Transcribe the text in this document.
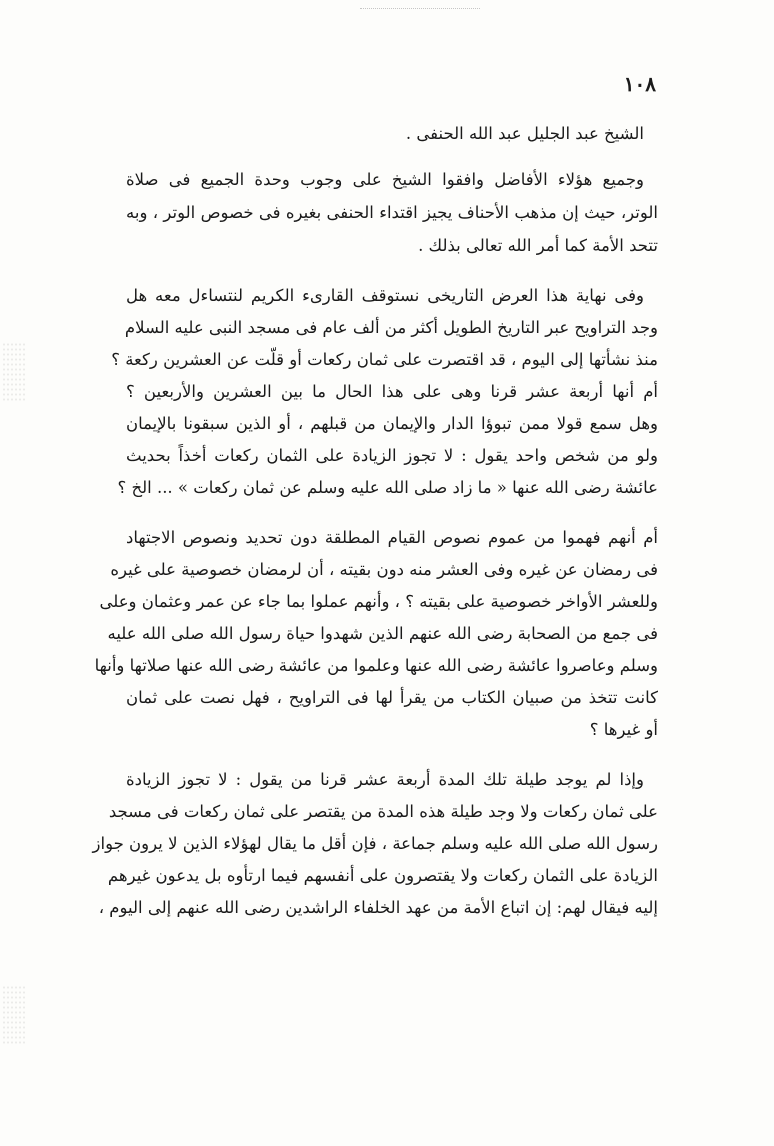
١٠٨
الشيخ عبد الجليل عبد الله الحنفى .
وجميع هؤلاء الأفاضل وافقوا الشيخ على وجوب وحدة الجميع فى صلاة
الوتر، حيث إن مذهب الأحناف يجيز اقتداء الحنفى بغيره فى خصوص الوتر ، وبه
تتحد الأمة كما أمر الله تعالى بذلك .
وفى نهاية هذا العرض التاريخى نستوقف القارىء الكريم لنتساءل معه هل
وجد التراويح عبر التاريخ الطويل أكثر من ألف عام فى مسجد النبى عليه السلام
منذ نشأتها إلى اليوم ، قد اقتصرت على ثمان ركعات أو قلّت عن العشرين ركعة ؟
أم أنها أربعة عشر قرنا وهى على هذا الحال ما بين العشرين والأربعين ؟
وهل سمع قولا ممن تبوؤا الدار والإيمان من قبلهم ، أو الذين سبقونا بالإيمان
ولو من شخص واحد يقول : لا تجوز الزيادة على الثمان ركعات أخذاً بحديث
عائشة رضى الله عنها « ما زاد صلى الله عليه وسلم عن ثمان ركعات » ... الخ ؟
أم أنهم فهموا من عموم نصوص القيام المطلقة دون تحديد ونصوص الاجتهاد
فى رمضان عن غيره وفى العشر منه دون بقيته ، أن لرمضان خصوصية على غيره
وللعشر الأواخر خصوصية على بقيته ؟ ، وأنهم عملوا بما جاء عن عمر وعثمان وعلى
فى جمع من الصحابة رضى الله عنهم الذين شهدوا حياة رسول الله صلى الله عليه
وسلم وعاصروا عائشة رضى الله عنها وعلموا من عائشة رضى الله عنها صلاتها وأنها
كانت تتخذ من صبيان الكتاب من يقرأ لها فى التراويح ، فهل نصت على ثمان
أو غيرها ؟
وإذا لم يوجد طيلة تلك المدة أربعة عشر قرنا من يقول : لا تجوز الزيادة
على ثمان ركعات ولا وجد طيلة هذه المدة من يقتصر على ثمان ركعات فى مسجد
رسول الله صلى الله عليه وسلم جماعة ، فإن أقل ما يقال لهؤلاء الذين لا يرون جواز
الزيادة على الثمان ركعات ولا يقتصرون على أنفسهم فيما ارتأوه بل يدعون غيرهم
إليه فيقال لهم: إن اتباع الأمة من عهد الخلفاء الراشدين رضى الله عنهم إلى اليوم ،
